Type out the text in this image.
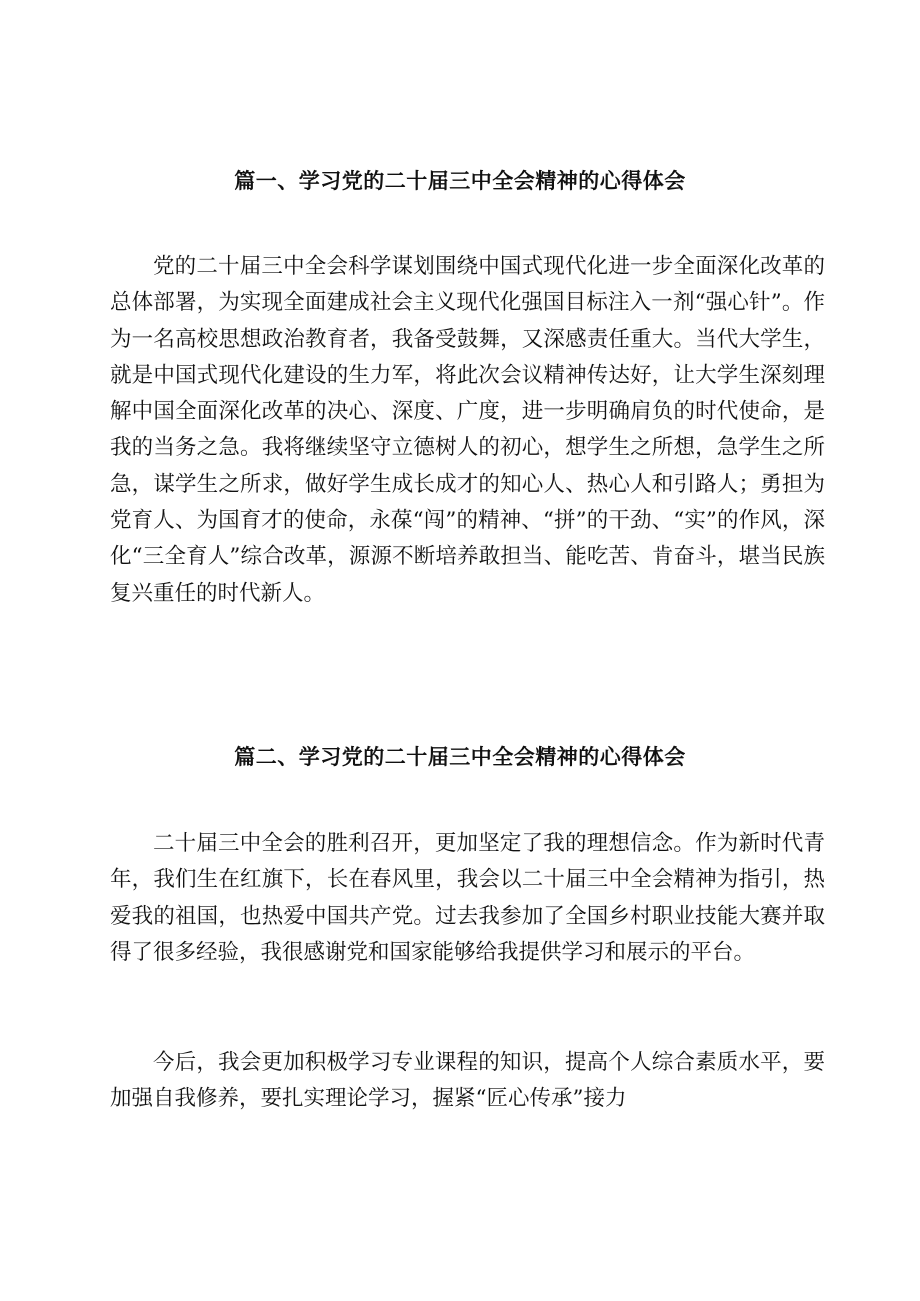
篇一、学习党的二十届三中全会精神的心得体会

党的二十届三中全会科学谋划围绕中国式现代化进一步全面深化改革的总体部署，为实现全面建成社会主义现代化强国目标注入一剂“强心针”。作为一名高校思想政治教育者，我备受鼓舞，又深感责任重大。当代大学生，就是中国式现代化建设的生力军，将此次会议精神传达好，让大学生深刻理解中国全面深化改革的决心、深度、广度，进一步明确肩负的时代使命，是我的当务之急。我将继续坚守立德树人的初心，想学生之所想，急学生之所急，谋学生之所求，做好学生成长成才的知心人、热心人和引路人；勇担为党育人、为国育才的使命，永葆“闯”的精神、“拼”的干劲、“实”的作风，深化“三全育人”综合改革，源源不断培养敢担当、能吃苦、肯奋斗，堪当民族复兴重任的时代新人。

篇二、学习党的二十届三中全会精神的心得体会

二十届三中全会的胜利召开，更加坚定了我的理想信念。作为新时代青年，我们生在红旗下，长在春风里，我会以二十届三中全会精神为指引，热爱我的祖国，也热爱中国共产党。过去我参加了全国乡村职业技能大赛并取得了很多经验，我很感谢党和国家能够给我提供学习和展示的平台。

今后，我会更加积极学习专业课程的知识，提高个人综合素质水平，要加强自我修养，要扎实理论学习，握紧“匠心传承”接力
